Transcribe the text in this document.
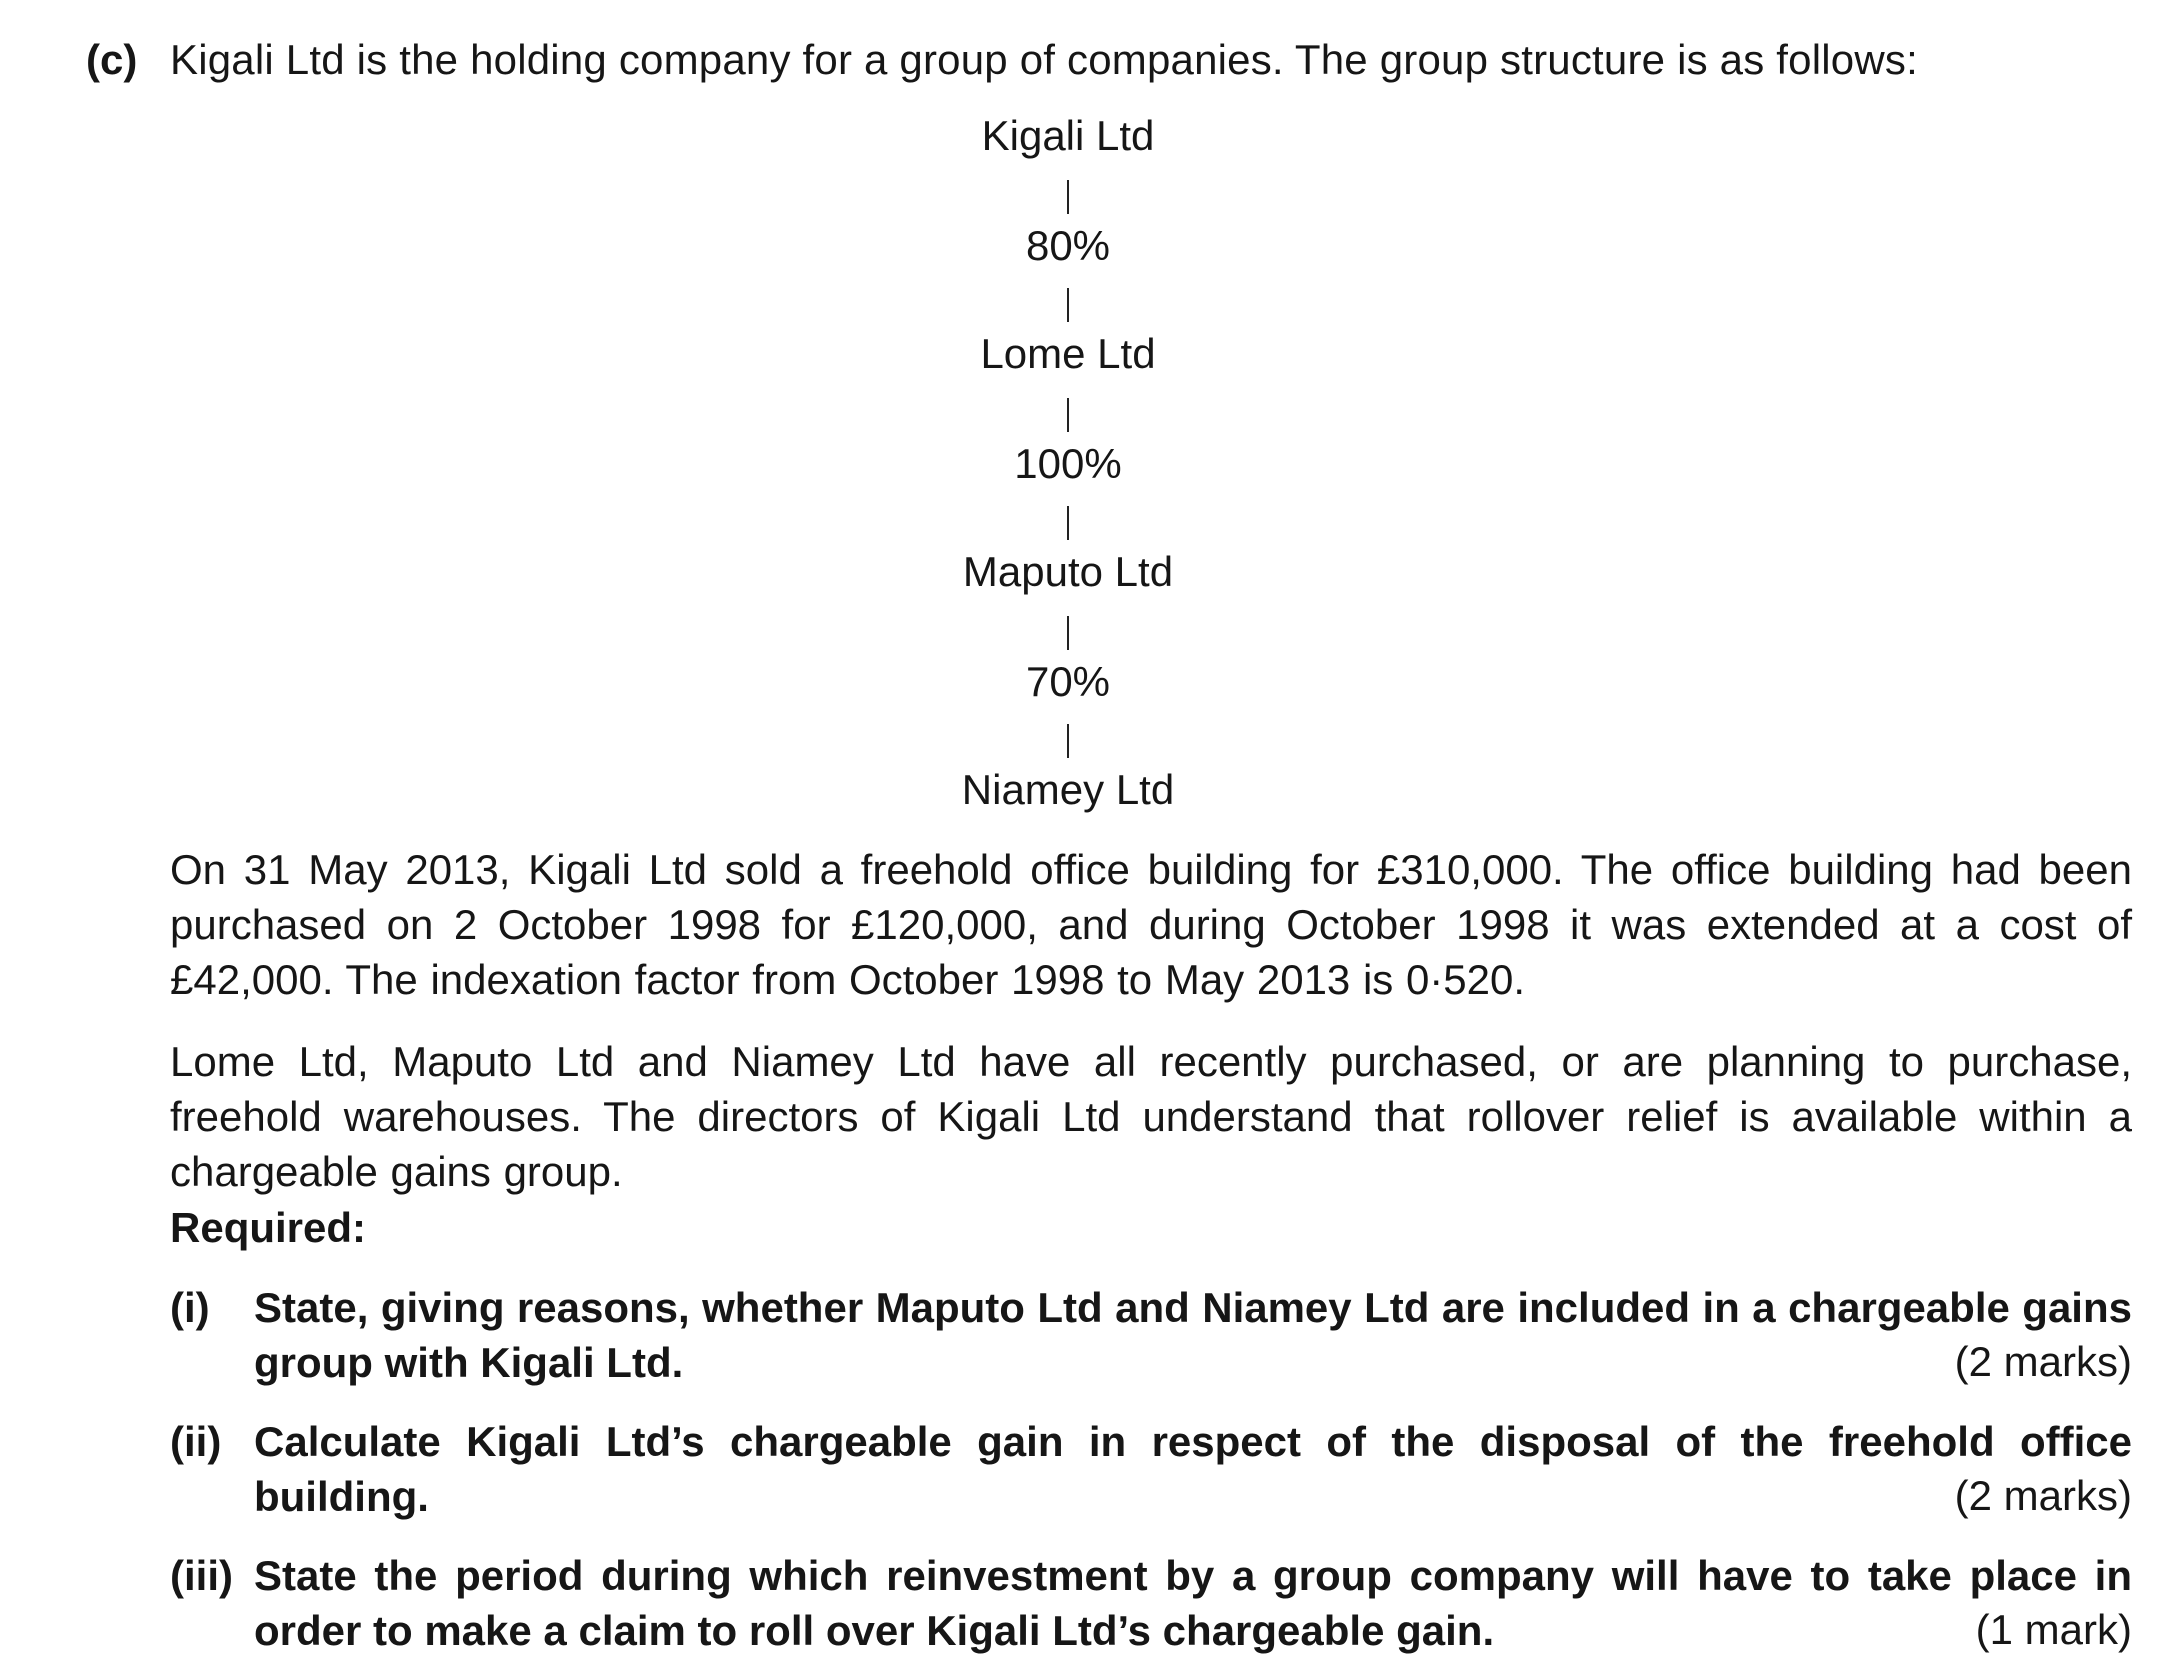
(c) Kigali Ltd is the holding company for a group of companies. The group structure is as follows:
Kigali Ltd
80%
Lome Ltd
100%
Maputo Ltd
70%
Niamey Ltd
On 31 May 2013, Kigali Ltd sold a freehold office building for £310,000. The office building had been purchased on 2 October 1998 for £120,000, and during October 1998 it was extended at a cost of £42,000. The indexation factor from October 1998 to May 2013 is 0·520.
Lome Ltd, Maputo Ltd and Niamey Ltd have all recently purchased, or are planning to purchase, freehold warehouses. The directors of Kigali Ltd understand that rollover relief is available within a chargeable gains group.
Required:
(i) State, giving reasons, whether Maputo Ltd and Niamey Ltd are included in a chargeable gains group with Kigali Ltd.	(2 marks)
(ii) Calculate Kigali Ltd’s chargeable gain in respect of the disposal of the freehold office building.	(2 marks)
(iii) State the period during which reinvestment by a group company will have to take place in order to make a claim to roll over Kigali Ltd’s chargeable gain.	(1 mark)
